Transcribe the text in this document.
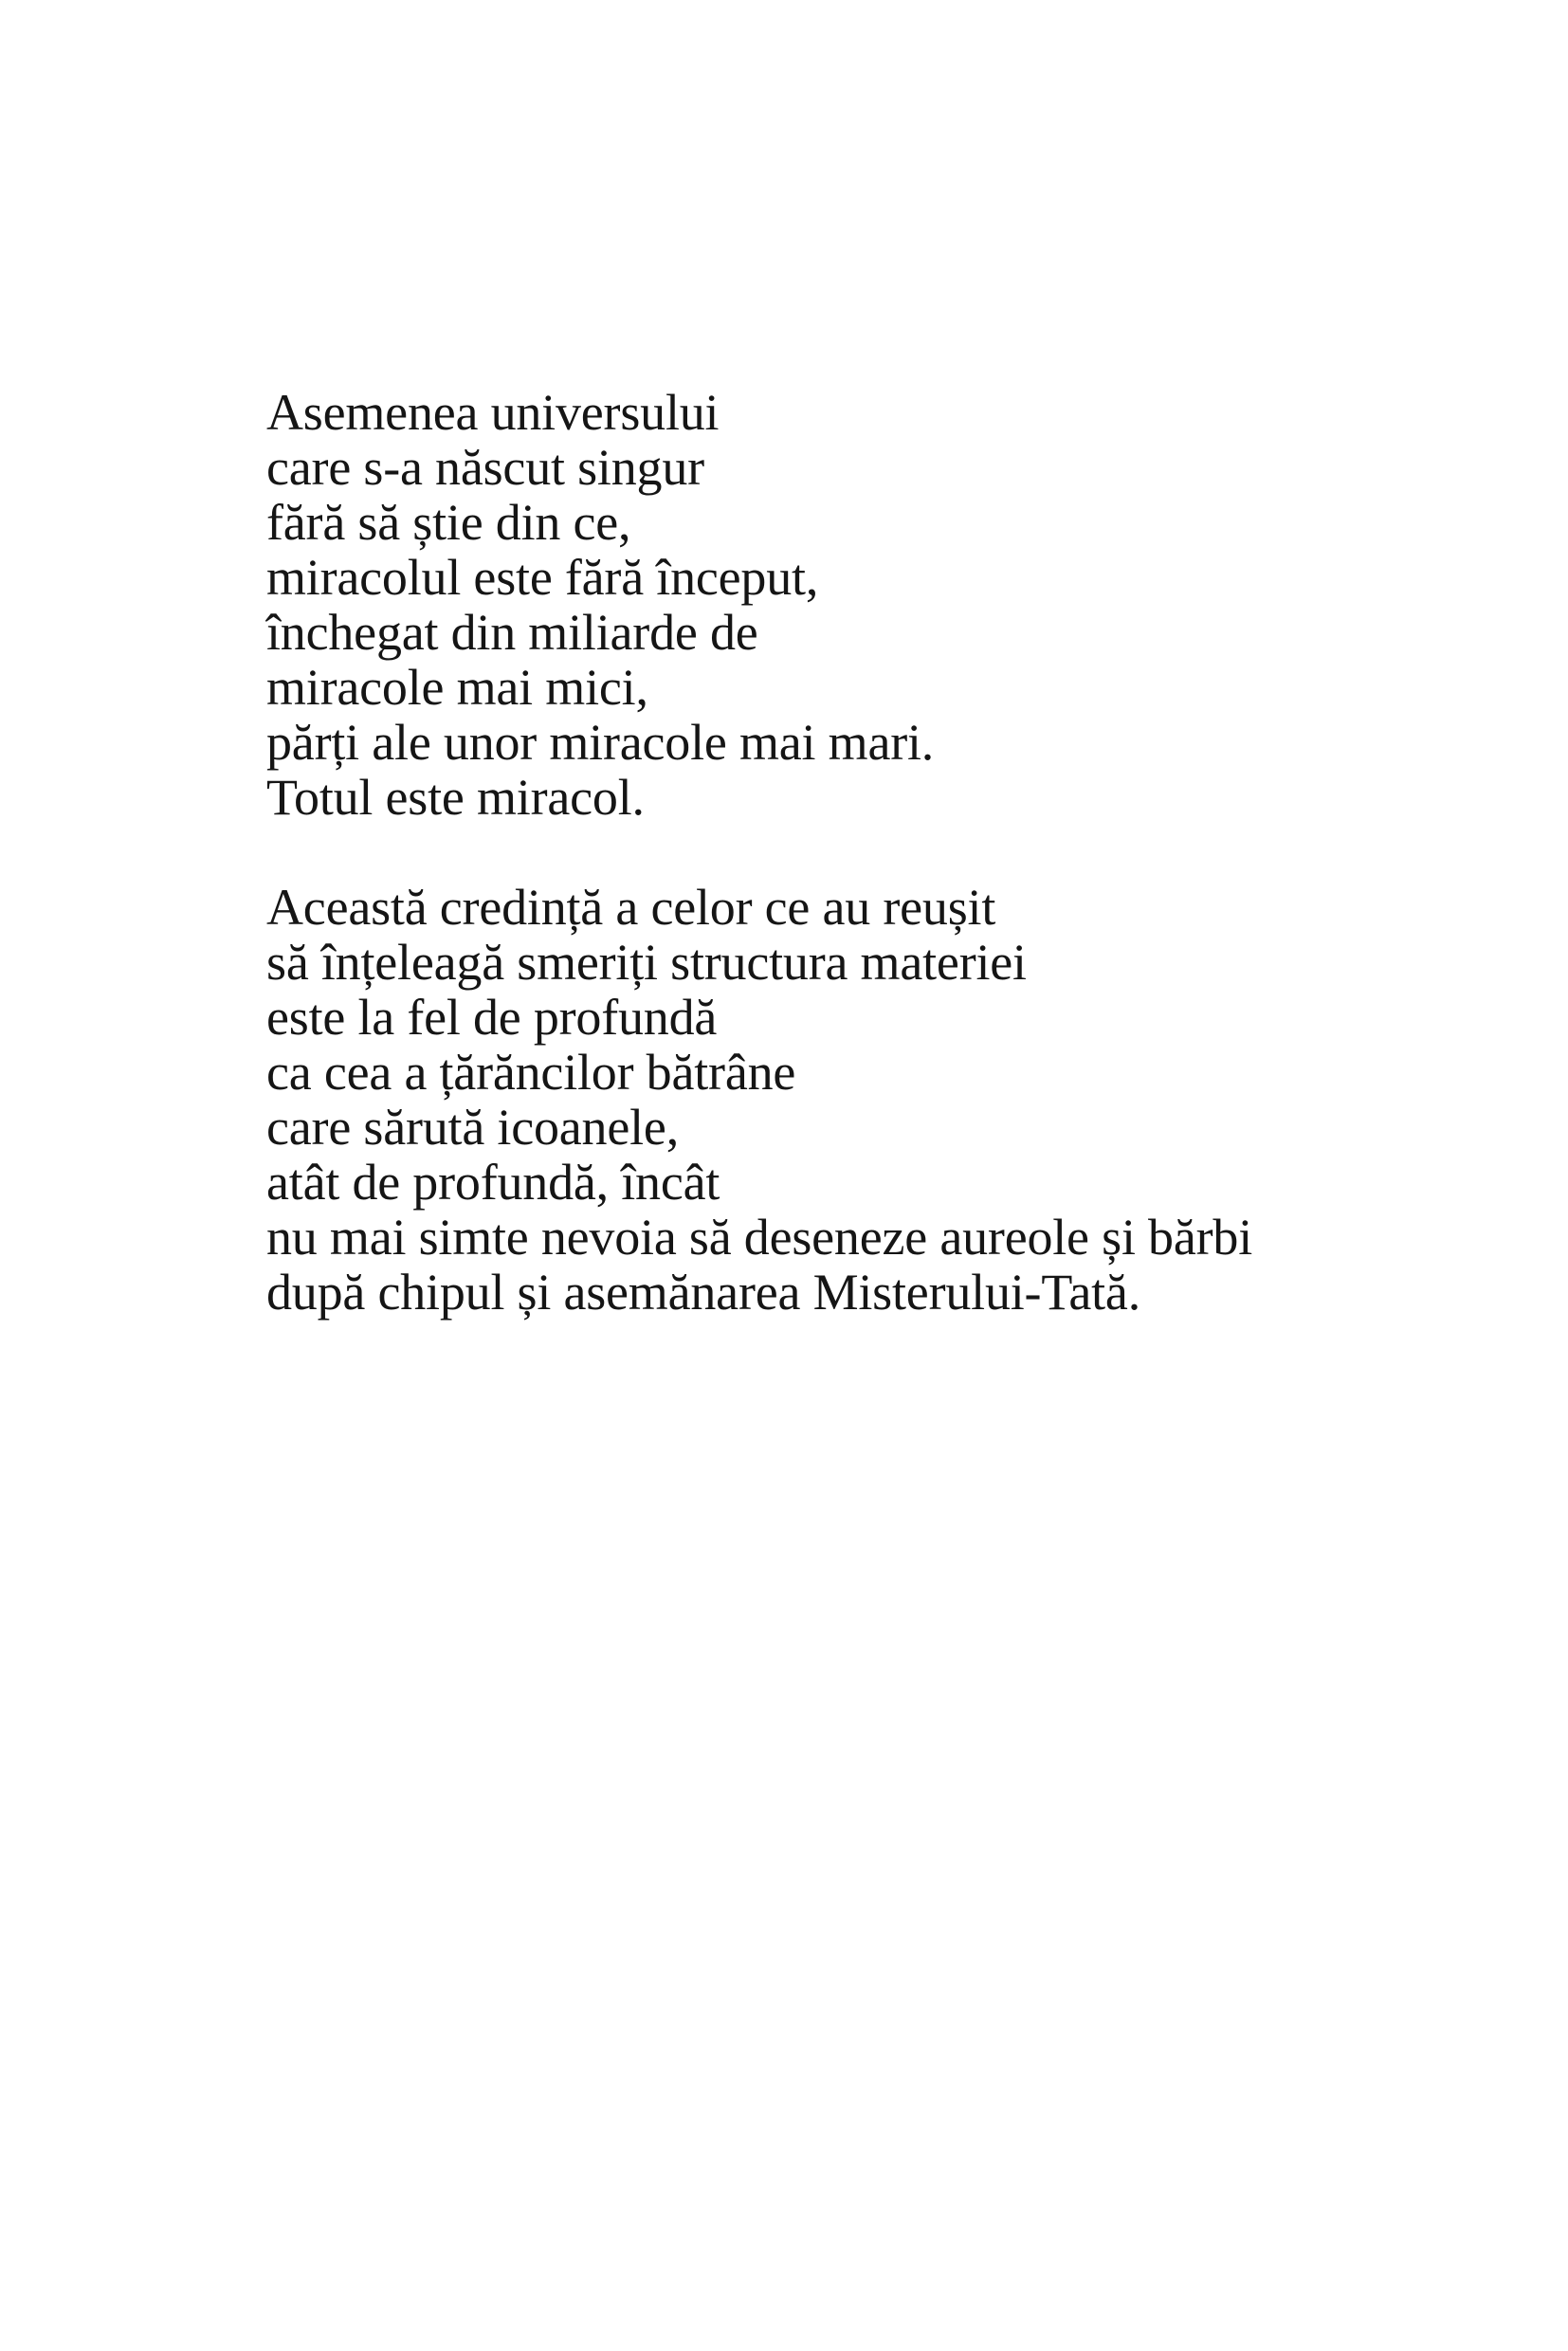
Asemenea universului
care s-a născut singur
fără să știe din ce,
miracolul este fără început,
închegat din miliarde de
miracole mai mici,
părți ale unor miracole mai mari.
Totul este miracol.
Această credință a celor ce au reușit
să înțeleagă smeriți structura materiei
este la fel de profundă
ca cea a țărăncilor bătrâne
care sărută icoanele,
atât de profundă, încât
nu mai simte nevoia să deseneze aureole și bărbi
după chipul și asemănarea Misterului-Tată.
